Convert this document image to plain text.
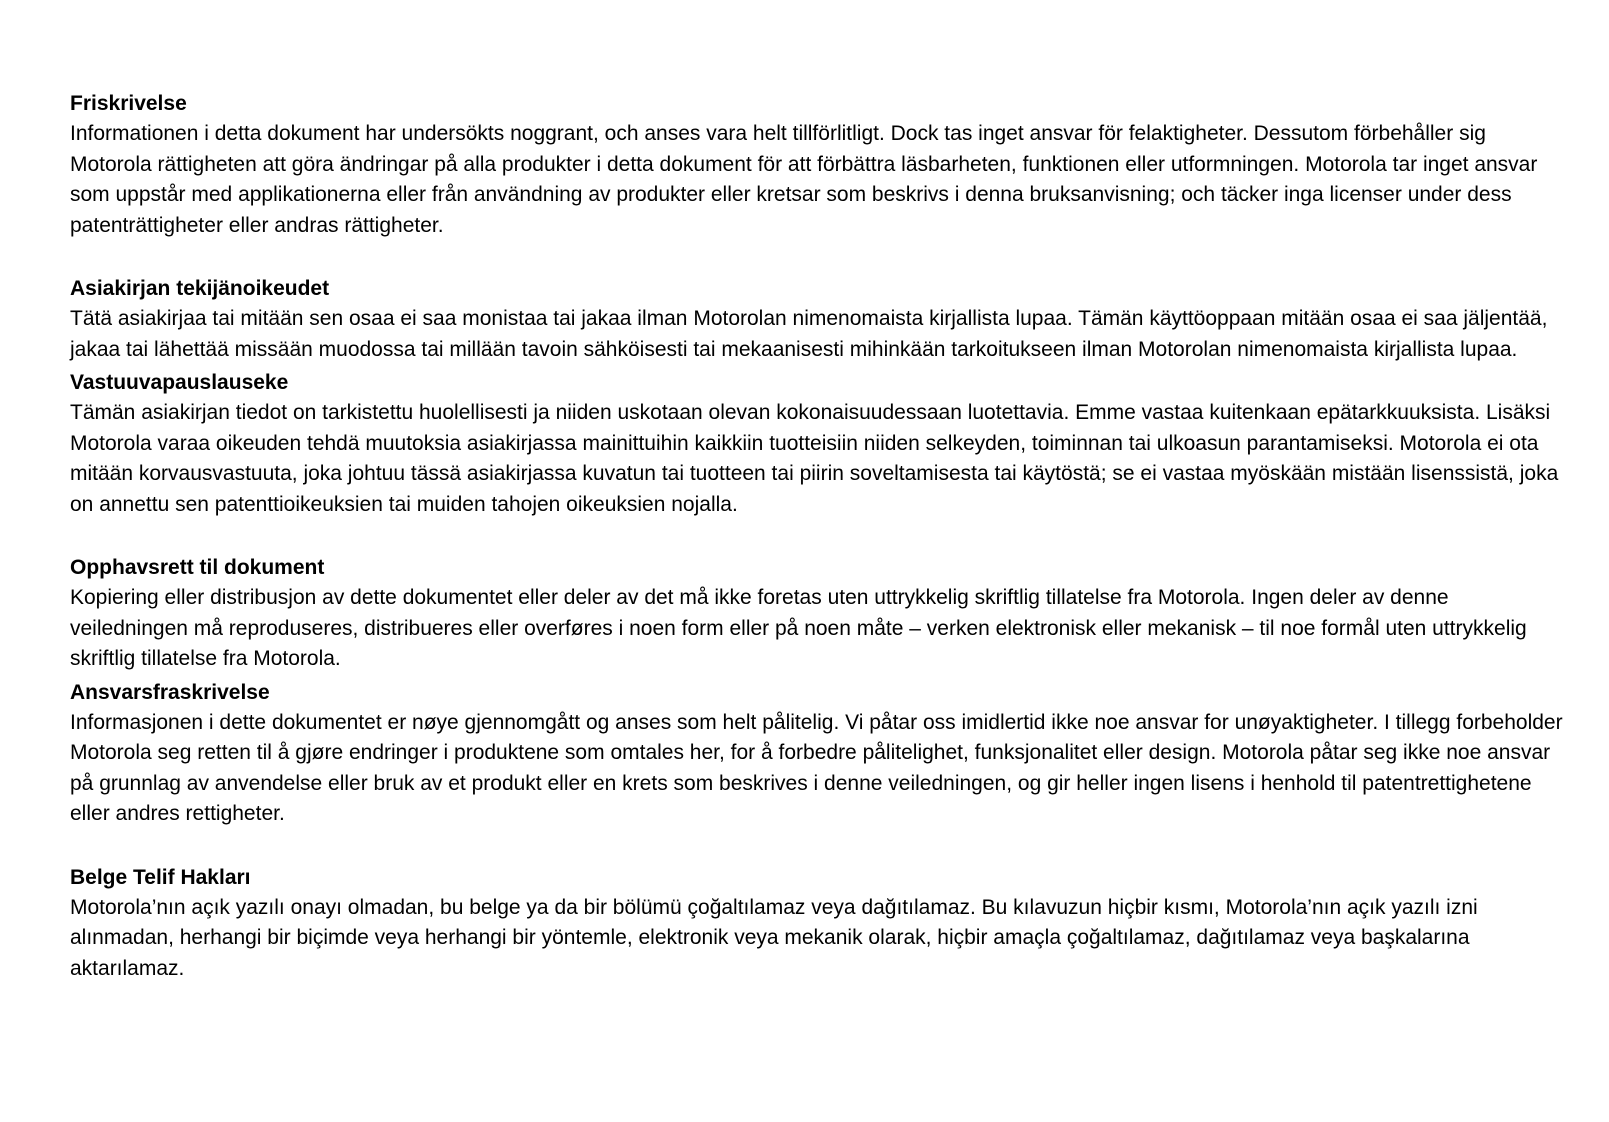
Friskrivelse

Informationen i detta dokument har undersökts noggrant, och anses vara helt tillförlitligt. Dock tas inget ansvar för felaktigheter. Dessutom förbehåller sig Motorola rättigheten att göra ändringar på alla produkter i detta dokument för att förbättra läsbarheten, funktionen eller utformningen. Motorola tar inget ansvar som uppstår med applikationerna eller från användning av produkter eller kretsar som beskrivs i denna bruksanvisning; och täcker inga licenser under dess patenträttigheter eller andras rättigheter.

Asiakirjan tekijänoikeudet

Tätä asiakirjaa tai mitään sen osaa ei saa monistaa tai jakaa ilman Motorolan nimenomaista kirjallista lupaa. Tämän käyttöoppaan mitään osaa ei saa jäljentää, jakaa tai lähettää missään muodossa tai millään tavoin sähköisesti tai mekaanisesti mihinkään tarkoitukseen ilman Motorolan nimenomaista kirjallista lupaa.

Vastuuvapauslauseke

Tämän asiakirjan tiedot on tarkistettu huolellisesti ja niiden uskotaan olevan kokonaisuudessaan luotettavia. Emme vastaa kuitenkaan epätarkkuuksista. Lisäksi Motorola varaa oikeuden tehdä muutoksia asiakirjassa mainittuihin kaikkiin tuotteisiin niiden selkeyden, toiminnan tai ulkoasun parantamiseksi. Motorola ei ota mitään korvausvastuuta, joka johtuu tässä asiakirjassa kuvatun tai tuotteen tai piirin soveltamisesta tai käytöstä; se ei vastaa myöskään mistään lisenssistä, joka on annettu sen patenttioikeuksien tai muiden tahojen oikeuksien nojalla.

Opphavsrett til dokument

Kopiering eller distribusjon av dette dokumentet eller deler av det må ikke foretas uten uttrykkelig skriftlig tillatelse fra Motorola. Ingen deler av denne veiledningen må reproduseres, distribueres eller overføres i noen form eller på noen måte – verken elektronisk eller mekanisk – til noe formål uten uttrykkelig skriftlig tillatelse fra Motorola.

Ansvarsfraskrivelse

Informasjonen i dette dokumentet er nøye gjennomgått og anses som helt pålitelig. Vi påtar oss imidlertid ikke noe ansvar for unøyaktigheter. I tillegg forbeholder Motorola seg retten til å gjøre endringer i produktene som omtales her, for å forbedre pålitelighet, funksjonalitet eller design. Motorola påtar seg ikke noe ansvar på grunnlag av anvendelse eller bruk av et produkt eller en krets som beskrives i denne veiledningen, og gir heller ingen lisens i henhold til patentrettighetene eller andres rettigheter.

Belge Telif Hakları

Motorola’nın açık yazılı onayı olmadan, bu belge ya da bir bölümü çoğaltılamaz veya dağıtılamaz. Bu kılavuzun hiçbir kısmı, Motorola’nın açık yazılı izni alınmadan, herhangi bir biçimde veya herhangi bir yöntemle, elektronik veya mekanik olarak, hiçbir amaçla çoğaltılamaz, dağıtılamaz veya başkalarına aktarılamaz.
